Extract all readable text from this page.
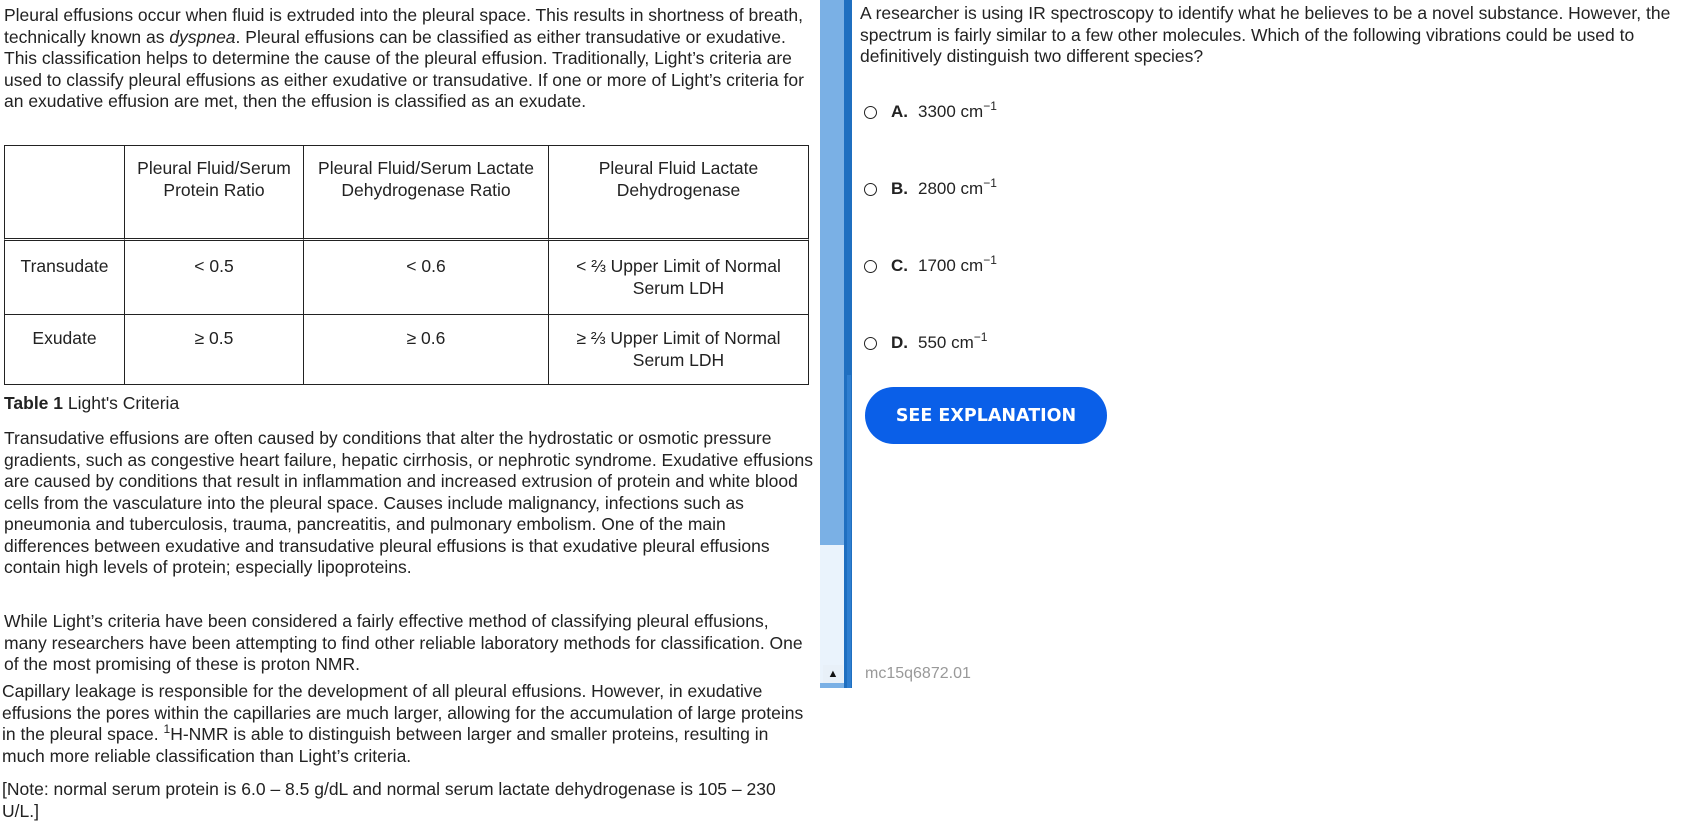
Pleural effusions occur when fluid is extruded into the pleural space. This results in shortness of breath, technically known as dyspnea. Pleural effusions can be classified as either transudative or exudative. This classification helps to determine the cause of the pleural effusion. Traditionally, Light’s criteria are used to classify pleural effusions as either exudative or transudative. If one or more of Light’s criteria for an exudative effusion are met, then the effusion is classified as an exudate.

	Pleural Fluid/Serum Protein Ratio	Pleural Fluid/Serum Lactate Dehydrogenase Ratio	Pleural Fluid Lactate Dehydrogenase
Transudate	< 0.5	< 0.6	< ⅔ Upper Limit of Normal Serum LDH
Exudate	≥ 0.5	≥ 0.6	≥ ⅔ Upper Limit of Normal Serum LDH

Table 1 Light's Criteria

Transudative effusions are often caused by conditions that alter the hydrostatic or osmotic pressure gradients, such as congestive heart failure, hepatic cirrhosis, or nephrotic syndrome. Exudative effusions are caused by conditions that result in inflammation and increased extrusion of protein and white blood cells from the vasculature into the pleural space. Causes include malignancy, infections such as pneumonia and tuberculosis, trauma, pancreatitis, and pulmonary embolism. One of the main differences between exudative and transudative pleural effusions is that exudative pleural effusions contain high levels of protein; especially lipoproteins.

While Light’s criteria have been considered a fairly effective method of classifying pleural effusions, many researchers have been attempting to find other reliable laboratory methods for classification. One of the most promising of these is proton NMR.

Capillary leakage is responsible for the development of all pleural effusions. However, in exudative effusions the pores within the capillaries are much larger, allowing for the accumulation of large proteins in the pleural space. $^1$H-NMR is able to distinguish between larger and smaller proteins, resulting in much more reliable classification than Light’s criteria.

[Note: normal serum protein is 6.0 – 8.5 g/dL and normal serum lactate dehydrogenase is 105 – 230 U/L.]

▲

A researcher is using IR spectroscopy to identify what he believes to be a novel substance. However, the spectrum is fairly similar to a few other molecules. Which of the following vibrations could be used to definitively distinguish two different species?

A. 3300 $cm^{-1}$
B. 2800 $cm^{-1}$
C. 1700 $cm^{-1}$
D. 550 $cm^{-1}$
SEE EXPLANATION
mc15q6872.01
